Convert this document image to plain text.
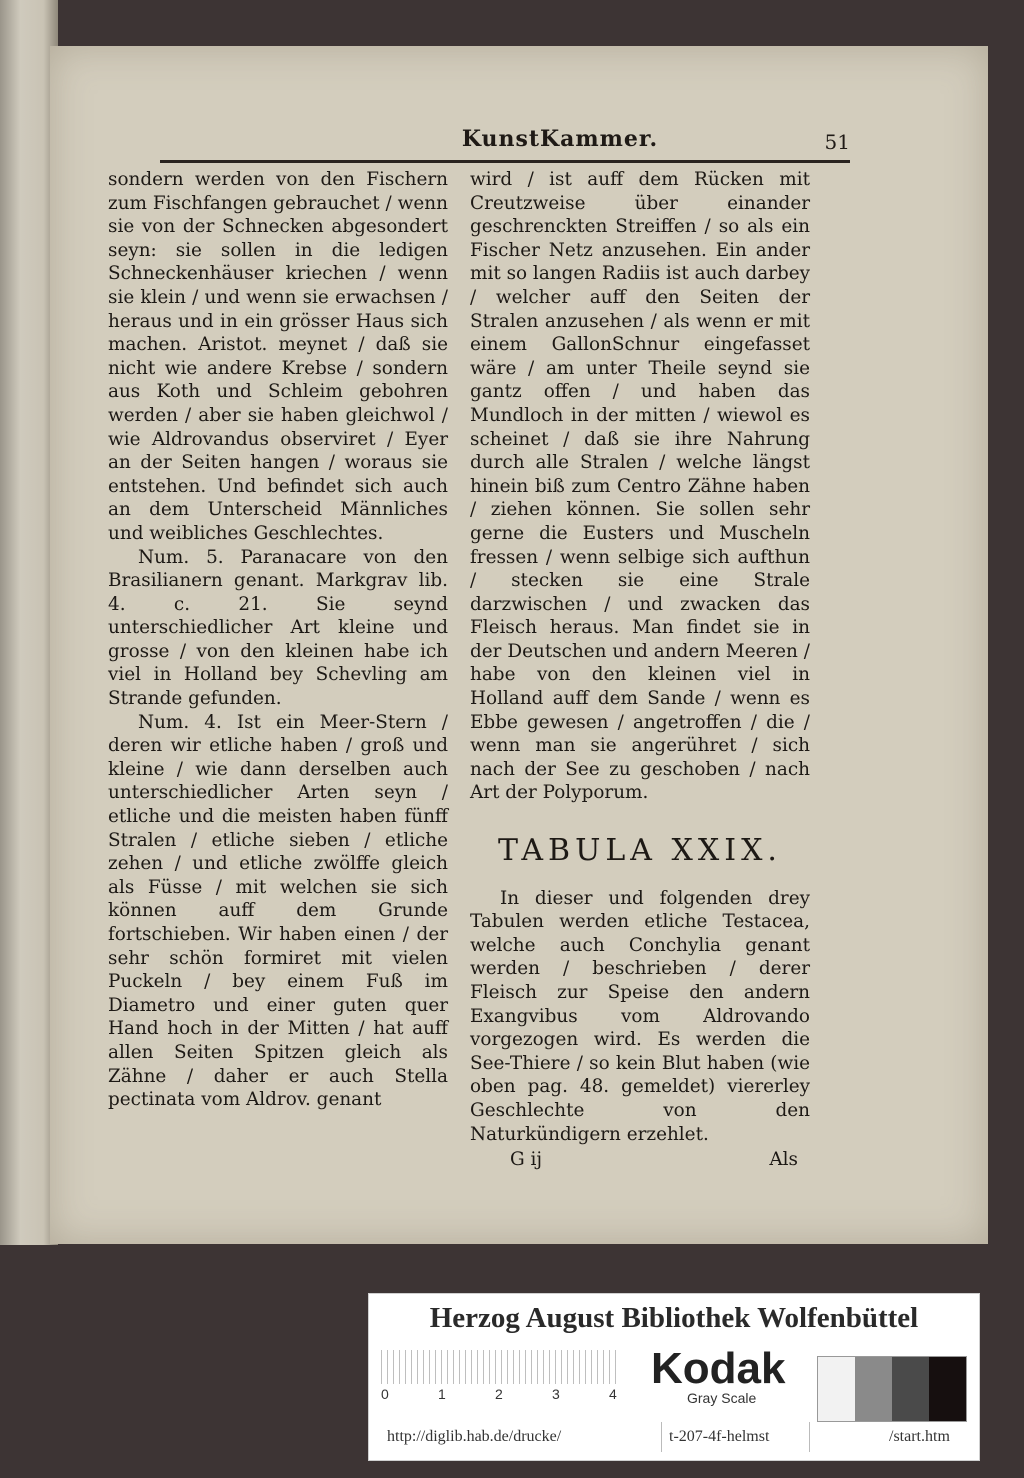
KunstKammer.	51

sondern werden von den Fischern zum Fischfangen gebrauchet / wenn sie von der Schnecken abgesondert seyn: sie sollen in die ledigen Schneckenhäuser kriechen / wenn sie klein / und wenn sie erwachsen / heraus und in ein grösser Haus sich machen. Aristot. meynet / daß sie nicht wie andere Krebse / sondern aus Koth und Schleim gebohren werden / aber sie haben gleichwol / wie Aldrovandus observiret / Eyer an der Seiten hangen / woraus sie entstehen. Und befindet sich auch an dem Unterscheid Männliches und weibliches Geschlechtes.

Num. 5. Paranacare von den Brasilianern genant. Markgrav lib. 4. c. 21. Sie seynd unterschiedlicher Art kleine und grosse / von den kleinen habe ich viel in Holland bey Schevling am Strande gefunden.

Num. 4. Ist ein Meer-Stern / deren wir etliche haben / groß und kleine / wie dann derselben auch unterschiedlicher Arten seyn / etliche und die meisten haben fünff Stralen / etliche sieben / etliche zehen / und etliche zwölffe gleich als Füsse / mit welchen sie sich können auff dem Grunde fortschieben. Wir haben einen / der sehr schön formiret mit vielen Puckeln / bey einem Fuß im Diametro und einer guten quer Hand hoch in der Mitten / hat auff allen Seiten Spitzen gleich als Zähne / daher er auch Stella pectinata vom Aldrov. genant

wird / ist auff dem Rücken mit Creutzweise über einander geschrenckten Streiffen / so als ein Fischer Netz anzusehen. Ein ander mit so langen Radiis ist auch darbey / welcher auff den Seiten der Stralen anzusehen / als wenn er mit einem GallonSchnur eingefasset wäre / am unter Theile seynd sie gantz offen / und haben das Mundloch in der mitten / wiewol es scheinet / daß sie ihre Nahrung durch alle Stralen / welche längst hinein biß zum Centro Zähne haben / ziehen können. Sie sollen sehr gerne die Eusters und Muscheln fressen / wenn selbige sich aufthun / stecken sie eine Strale darzwischen / und zwacken das Fleisch heraus. Man findet sie in der Deutschen und andern Meeren / habe von den kleinen viel in Holland auff dem Sande / wenn es Ebbe gewesen / angetroffen / die / wenn man sie angerühret / sich nach der See zu geschoben / nach Art der Polyporum.

TABULA XXIX.

In dieser und folgenden drey Tabulen werden etliche Testacea, welche auch Conchylia genant werden / beschrieben / derer Fleisch zur Speise den andern Exangvibus vom Aldrovando vorgezogen wird. Es werden die See-Thiere / so kein Blut haben (wie oben pag. 48. gemeldet) viererley Geschlechte von den Naturkündigern erzehlet.

G ij	Als
Herzog August Bibliothek Wolfenbüttel
0	1	2	3	4
Kodak
Gray Scale
http://diglib.hab.de/drucke/	t-207-4f-helmst	/start.htm
